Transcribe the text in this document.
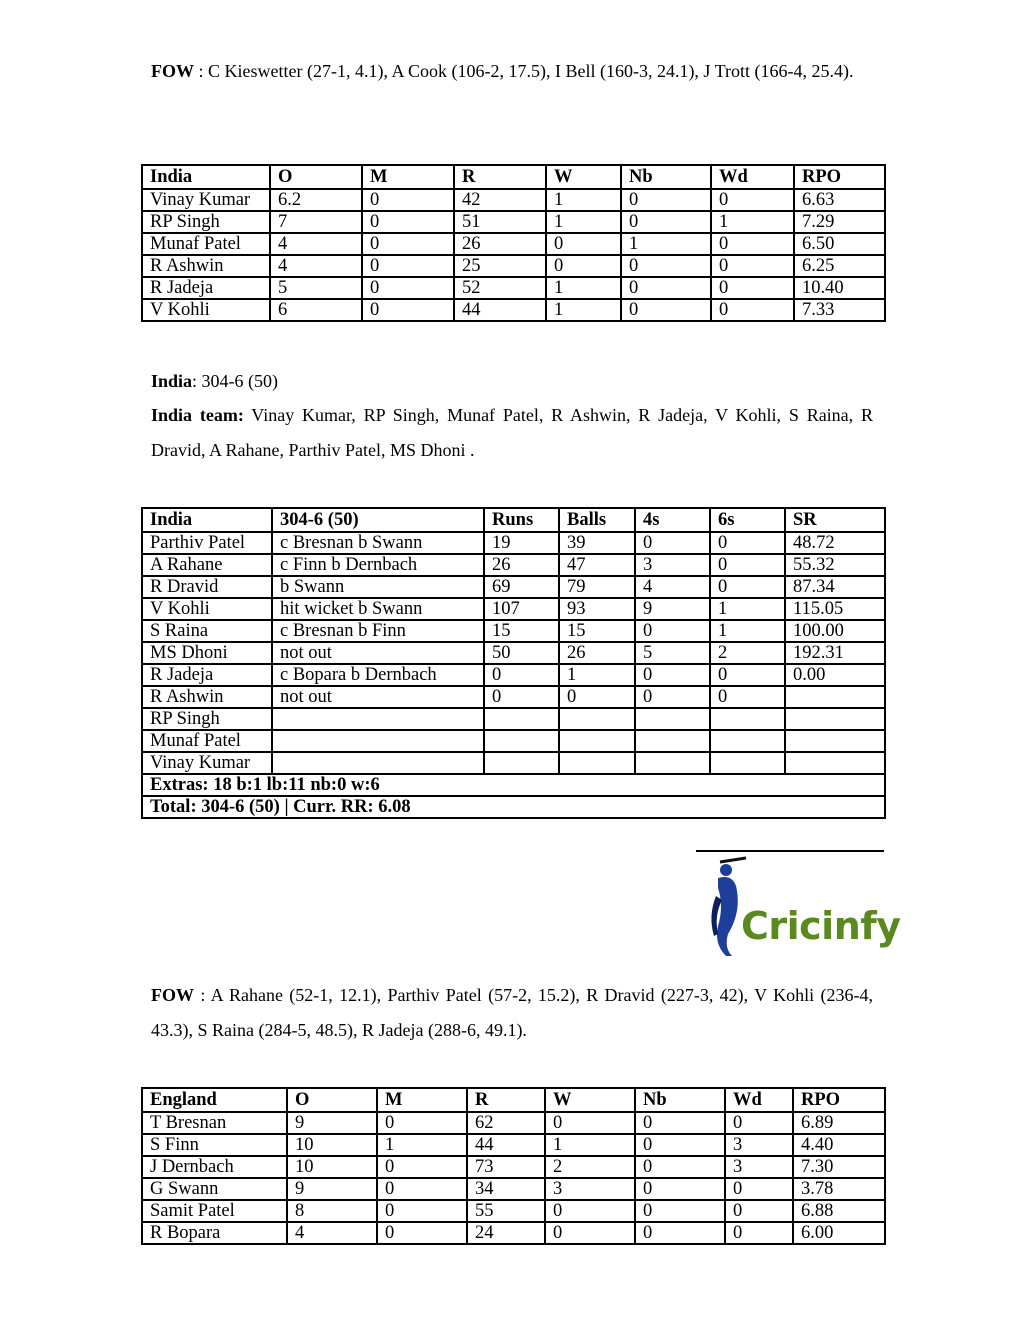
FOW : C Kieswetter (27-1, 4.1), A Cook (106-2, 17.5), I Bell (160-3, 24.1), J Trott (166-4, 25.4).

India	O	M	R	W	Nb	Wd	RPO
Vinay Kumar	6.2	0	42	1	0	0	6.63
RP Singh	7	0	51	1	0	1	7.29
Munaf Patel	4	0	26	0	1	0	6.50
R Ashwin	4	0	25	0	0	0	6.25
R Jadeja	5	0	52	1	0	0	10.40
V Kohli	6	0	44	1	0	0	7.33

India: 304-6 (50)

India team: Vinay Kumar, RP Singh, Munaf Patel, R Ashwin, R Jadeja, V Kohli, S Raina, R Dravid, A Rahane, Parthiv Patel, MS Dhoni .

India	304-6 (50)	Runs	Balls	4s	6s	SR
Parthiv Patel	c Bresnan b Swann	19	39	0	0	48.72
A Rahane	c Finn b Dernbach	26	47	3	0	55.32
R Dravid	b Swann	69	79	4	0	87.34
V Kohli	hit wicket b Swann	107	93	9	1	115.05
S Raina	c Bresnan b Finn	15	15	0	1	100.00
MS Dhoni	not out	50	26	5	2	192.31
R Jadeja	c Bopara b Dernbach	0	1	0	0	0.00
R Ashwin	not out	0	0	0	0	
RP Singh						
Munaf Patel						
Vinay Kumar						
Extras: 18 b:1 lb:11 nb:0 w:6						
Total: 304-6 (50) | Curr. RR: 6.08						
Cricinfy

FOW : A Rahane (52-1, 12.1), Parthiv Patel (57-2, 15.2), R Dravid (227-3, 42), V Kohli (236-4, 43.3), S Raina (284-5, 48.5), R Jadeja (288-6, 49.1).

England	O	M	R	W	Nb	Wd	RPO
T Bresnan	9	0	62	0	0	0	6.89
S Finn	10	1	44	1	0	3	4.40
J Dernbach	10	0	73	2	0	3	7.30
G Swann	9	0	34	3	0	0	3.78
Samit Patel	8	0	55	0	0	0	6.88
R Bopara	4	0	24	0	0	0	6.00
